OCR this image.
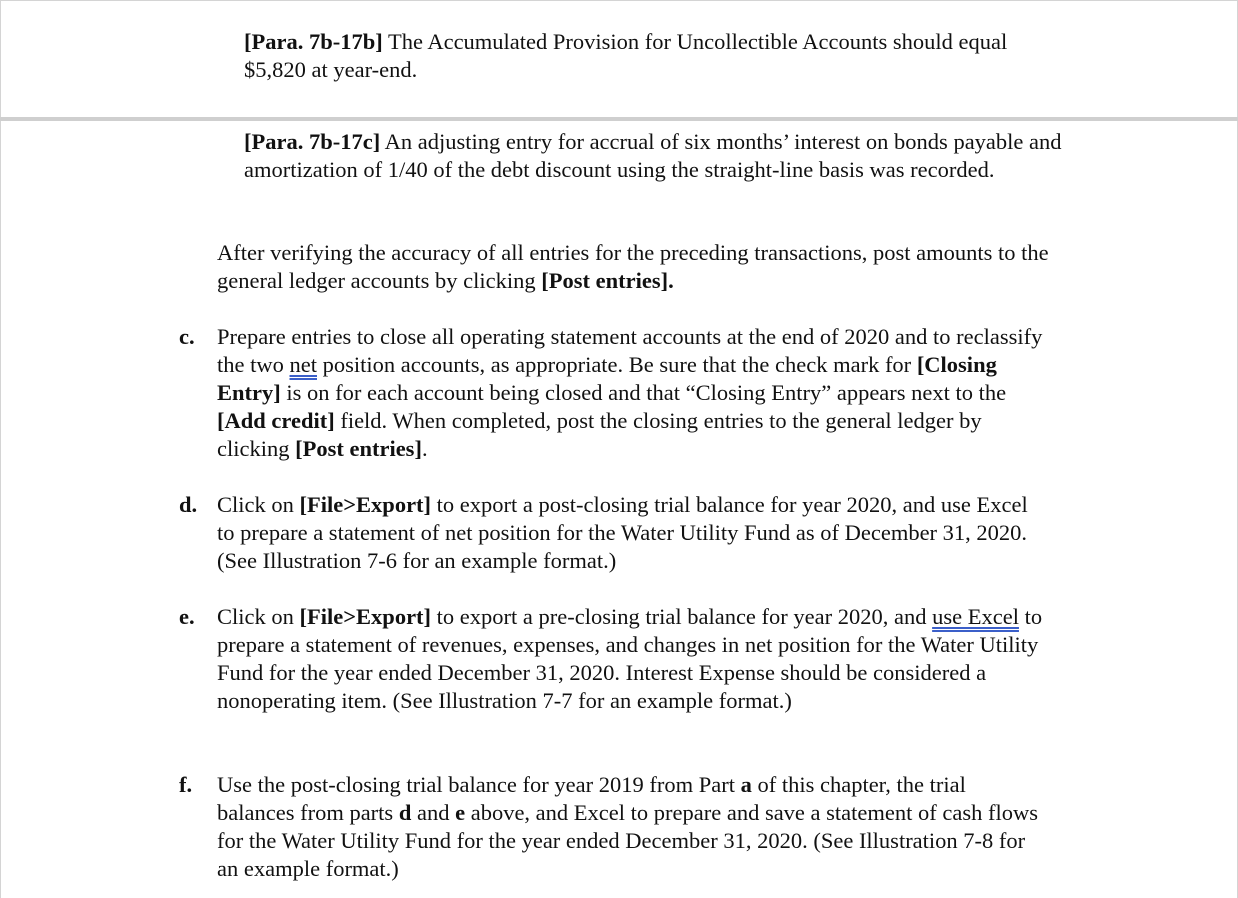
[Para. 7b-17b] The Accumulated Provision for Uncollectible Accounts should equal $5,820 at year-end.

[Para. 7b-17c] An adjusting entry for accrual of six months’ interest on bonds payable and amortization of 1/40 of the debt discount using the straight-line basis was recorded.

After verifying the accuracy of all entries for the preceding transactions, post amounts to the general ledger accounts by clicking [Post entries].

c. Prepare entries to close all operating statement accounts at the end of 2020 and to reclassify the two net position accounts, as appropriate. Be sure that the check mark for [Closing Entry] is on for each account being closed and that “Closing Entry” appears next to the [Add credit] field. When completed, post the closing entries to the general ledger by clicking [Post entries].
d. Click on [File>Export] to export a post-closing trial balance for year 2020, and use Excel to prepare a statement of net position for the Water Utility Fund as of December 31, 2020. (See Illustration 7-6 for an example format.)
e. Click on [File>Export] to export a pre-closing trial balance for year 2020, and use Excel to prepare a statement of revenues, expenses, and changes in net position for the Water Utility Fund for the year ended December 31, 2020. Interest Expense should be considered a nonoperating item. (See Illustration 7-7 for an example format.)
f.	Use the post-closing trial balance for year 2019 from Part a of this chapter, the trial balances from parts d and e above, and Excel to prepare and save a statement of cash flows for the Water Utility Fund for the year ended December 31, 2020. (See Illustration 7-8 for an example format.)
